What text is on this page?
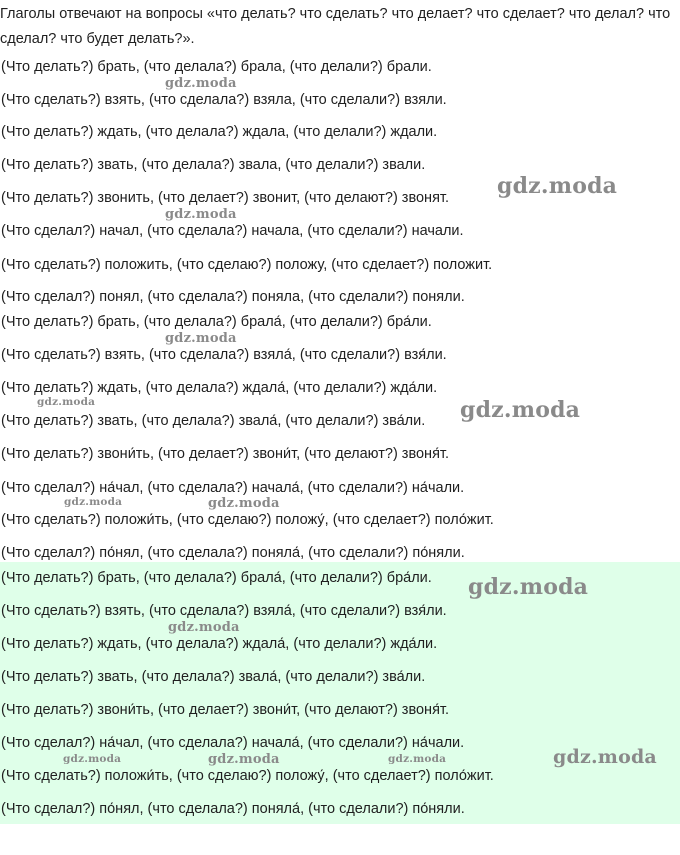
Глаголы отвечают на вопросы «что делать? что сделать? что делает? что сделает? что делал? что сделал? что будет делать?».

(Что делать?) брать, (что делала?) брала, (что делали?) брали.

(Что сделать?) взять, (что сделала?) взяла, (что сделали?) взяли.

(Что делать?) ждать, (что делала?) ждала, (что делали?) ждали.

(Что делать?) звать, (что делала?) звала, (что делали?) звали.

(Что делать?) звонить, (что делает?) звонит, (что делают?) звонят.

(Что сделал?) начал, (что сделала?) начала, (что сделали?) начали.

(Что сделать?) положить, (что сделаю?) положу, (что сделает?) положит.

(Что сделал?) понял, (что сделала?) поняла, (что сделали?) поняли.

(Что делать?) брать, (что делала?) брала́, (что делали?) бра́ли.

(Что сделать?) взять, (что сделала?) взяла́, (что сделали?) взя́ли.

(Что делать?) ждать, (что делала?) ждала́, (что делали?) жда́ли.

(Что делать?) звать, (что делала?) звала́, (что делали?) зва́ли.

(Что делать?) звони́ть, (что делает?) звони́т, (что делают?) звоня́т.

(Что сделал?) на́чал, (что сделала?) начала́, (что сделали?) на́чали.

(Что сделать?) положи́ть, (что сделаю?) положу́, (что сделает?) поло́жит.

(Что сделал?) по́нял, (что сделала?) поняла́, (что сделали?) по́няли.

(Что делать?) брать, (что делала?) брала́, (что делали?) бра́ли.

(Что сделать?) взять, (что сделала?) взяла́, (что сделали?) взя́ли.

(Что делать?) ждать, (что делала?) ждала́, (что делали?) жда́ли.

(Что делать?) звать, (что делала?) звала́, (что делали?) зва́ли.

(Что делать?) звони́ть, (что делает?) звони́т, (что делают?) звоня́т.

(Что сделал?) на́чал, (что сделала?) начала́, (что сделали?) на́чали.

(Что сделать?) положи́ть, (что сделаю?) положу́, (что сделает?) поло́жит.

(Что сделал?) по́нял, (что сделала?) поняла́, (что сделали?) по́няли.

gdz.moda
gdz.moda
gdz.moda
gdz.moda
gdz.moda	gdz.moda
gdz.moda	gdz.moda
gdz.moda
gdz.moda
gdz.moda
gdz.moda	gdz.moda	gdz.moda
